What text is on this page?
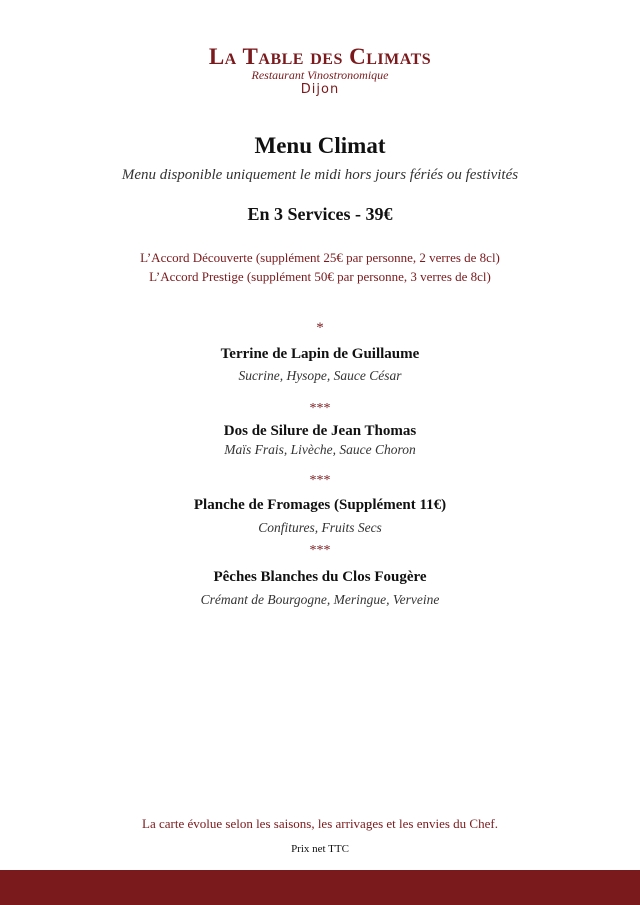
La Table des Climats
Restaurant Vinostronomique
Dijon
Menu Climat
Menu disponible uniquement le midi hors jours fériés ou festivités
En 3 Services - 39€
L’Accord Découverte (supplément 25€ par personne, 2 verres de 8cl)
L’Accord Prestige (supplément 50€ par personne, 3 verres de 8cl)
*
Terrine de Lapin de Guillaume
Sucrine, Hysope, Sauce César
***
Dos de Silure de Jean Thomas
Maïs Frais, Livèche, Sauce Choron
***
Planche de Fromages (Supplément 11€)
Confitures, Fruits Secs
***
Pêches Blanches du Clos Fougère
Crémant de Bourgogne, Meringue, Verveine
La carte évolue selon les saisons, les arrivages et les envies du Chef.
Prix net TTC
